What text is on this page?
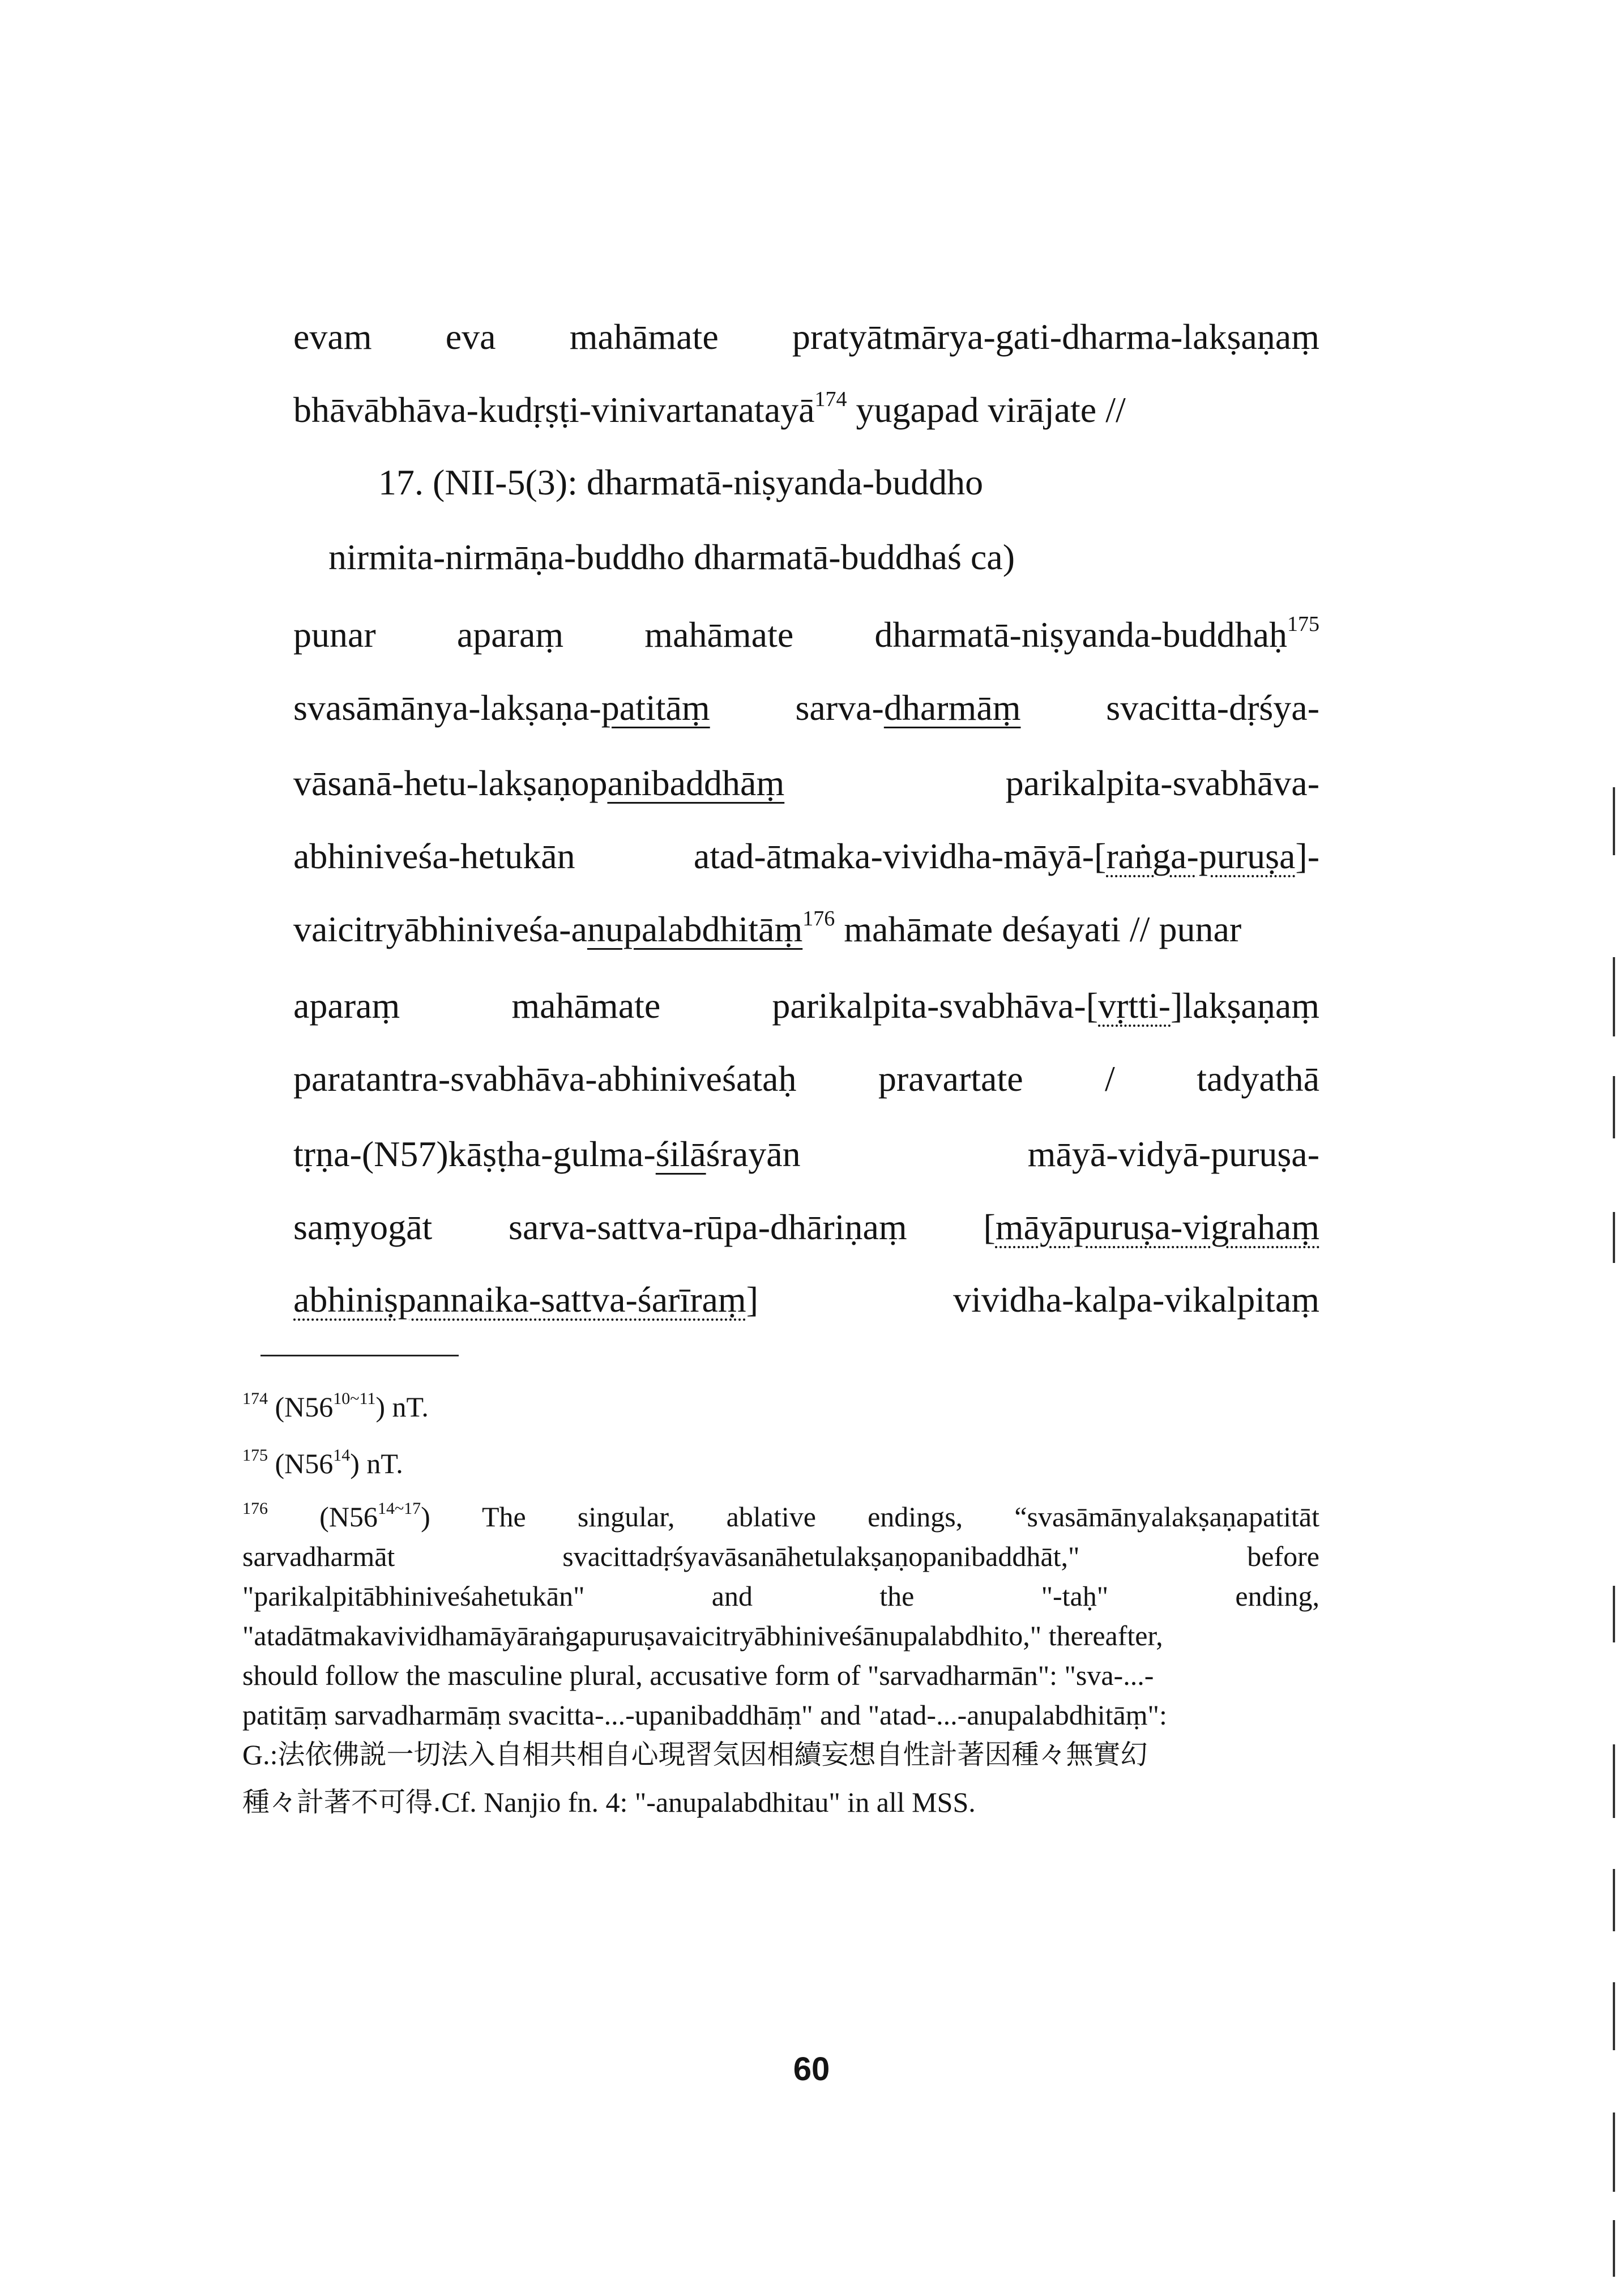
evam eva mahāmate pratyātmārya-gati-dharma-lakṣaṇaṃ
bhāvābhāva-kudṛṣṭi-vinivartanatayā$^{174}$ yugapad virājate //
17. (NII-5(3): dharmatā-niṣyanda-buddho
nirmita-nirmāṇa-buddho dharmatā-buddhaś ca)
punar aparaṃ mahāmate dharmatā-niṣyanda-buddhaḥ$^{175}$
svasāmānya-lakṣaṇa-patitāṃ sarva-dharmāṃ svacitta-dṛśya-
vāsanā-hetu-lakṣaṇopanibaddhāṃ	parikalpita-svabhāva-
abhiniveśa-hetukān	atad-ātmaka-vividha-māyā-[raṅga-puruṣa]-
vaicitryābhiniveśa-anupalabdhitāṃ$^{176}$ mahāmate deśayati // punar
aparaṃ	mahāmate	parikalpita-svabhāva-[vṛtti-]lakṣaṇaṃ
paratantra-svabhāva-abhiniveśataḥ pravartate / tadyathā
tṛṇa-(N57)kāṣṭha-gulma-śilāśrayān	māyā-vidyā-puruṣa-
saṃyogāt sarva-sattva-rūpa-dhāriṇaṃ [māyāpuruṣa-vigrahaṃ
abhiniṣpannaika-sattva-śarīraṃ]	vividha-kalpa-vikalpitaṃ
$^{174}$ $(N56^{10\sim 11})$ nT.
$^{175}$ $(N56^{14})$ nT.
$^{176}$ $(N56^{14\sim 17})$ The singular, ablative endings, “svasāmānyalakṣaṇapatitāt
sarvadharmāt	svacittadṛśyavāsanāhetulakṣaṇopanibaddhāt,"	before
"parikalpitābhiniveśahetukān"	and	the	"-taḥ"	ending,
"atadātmakavividhamāyāraṅgapuruṣavaicitryābhiniveśānupalabdhito," thereafter,
should follow the masculine plural, accusative form of "sarvadharmān": "sva-...-
patitāṃ sarvadharmāṃ svacitta-...-upanibaddhāṃ" and "atad-...-anupalabdhitāṃ":
G.: 法依佛説一切法入自相共相自心現習気因相續妄想自性計著因種々無實幻
種々計著不可得. Cf. Nanjio fn. 4: "-anupalabdhitau" in all MSS.
60
